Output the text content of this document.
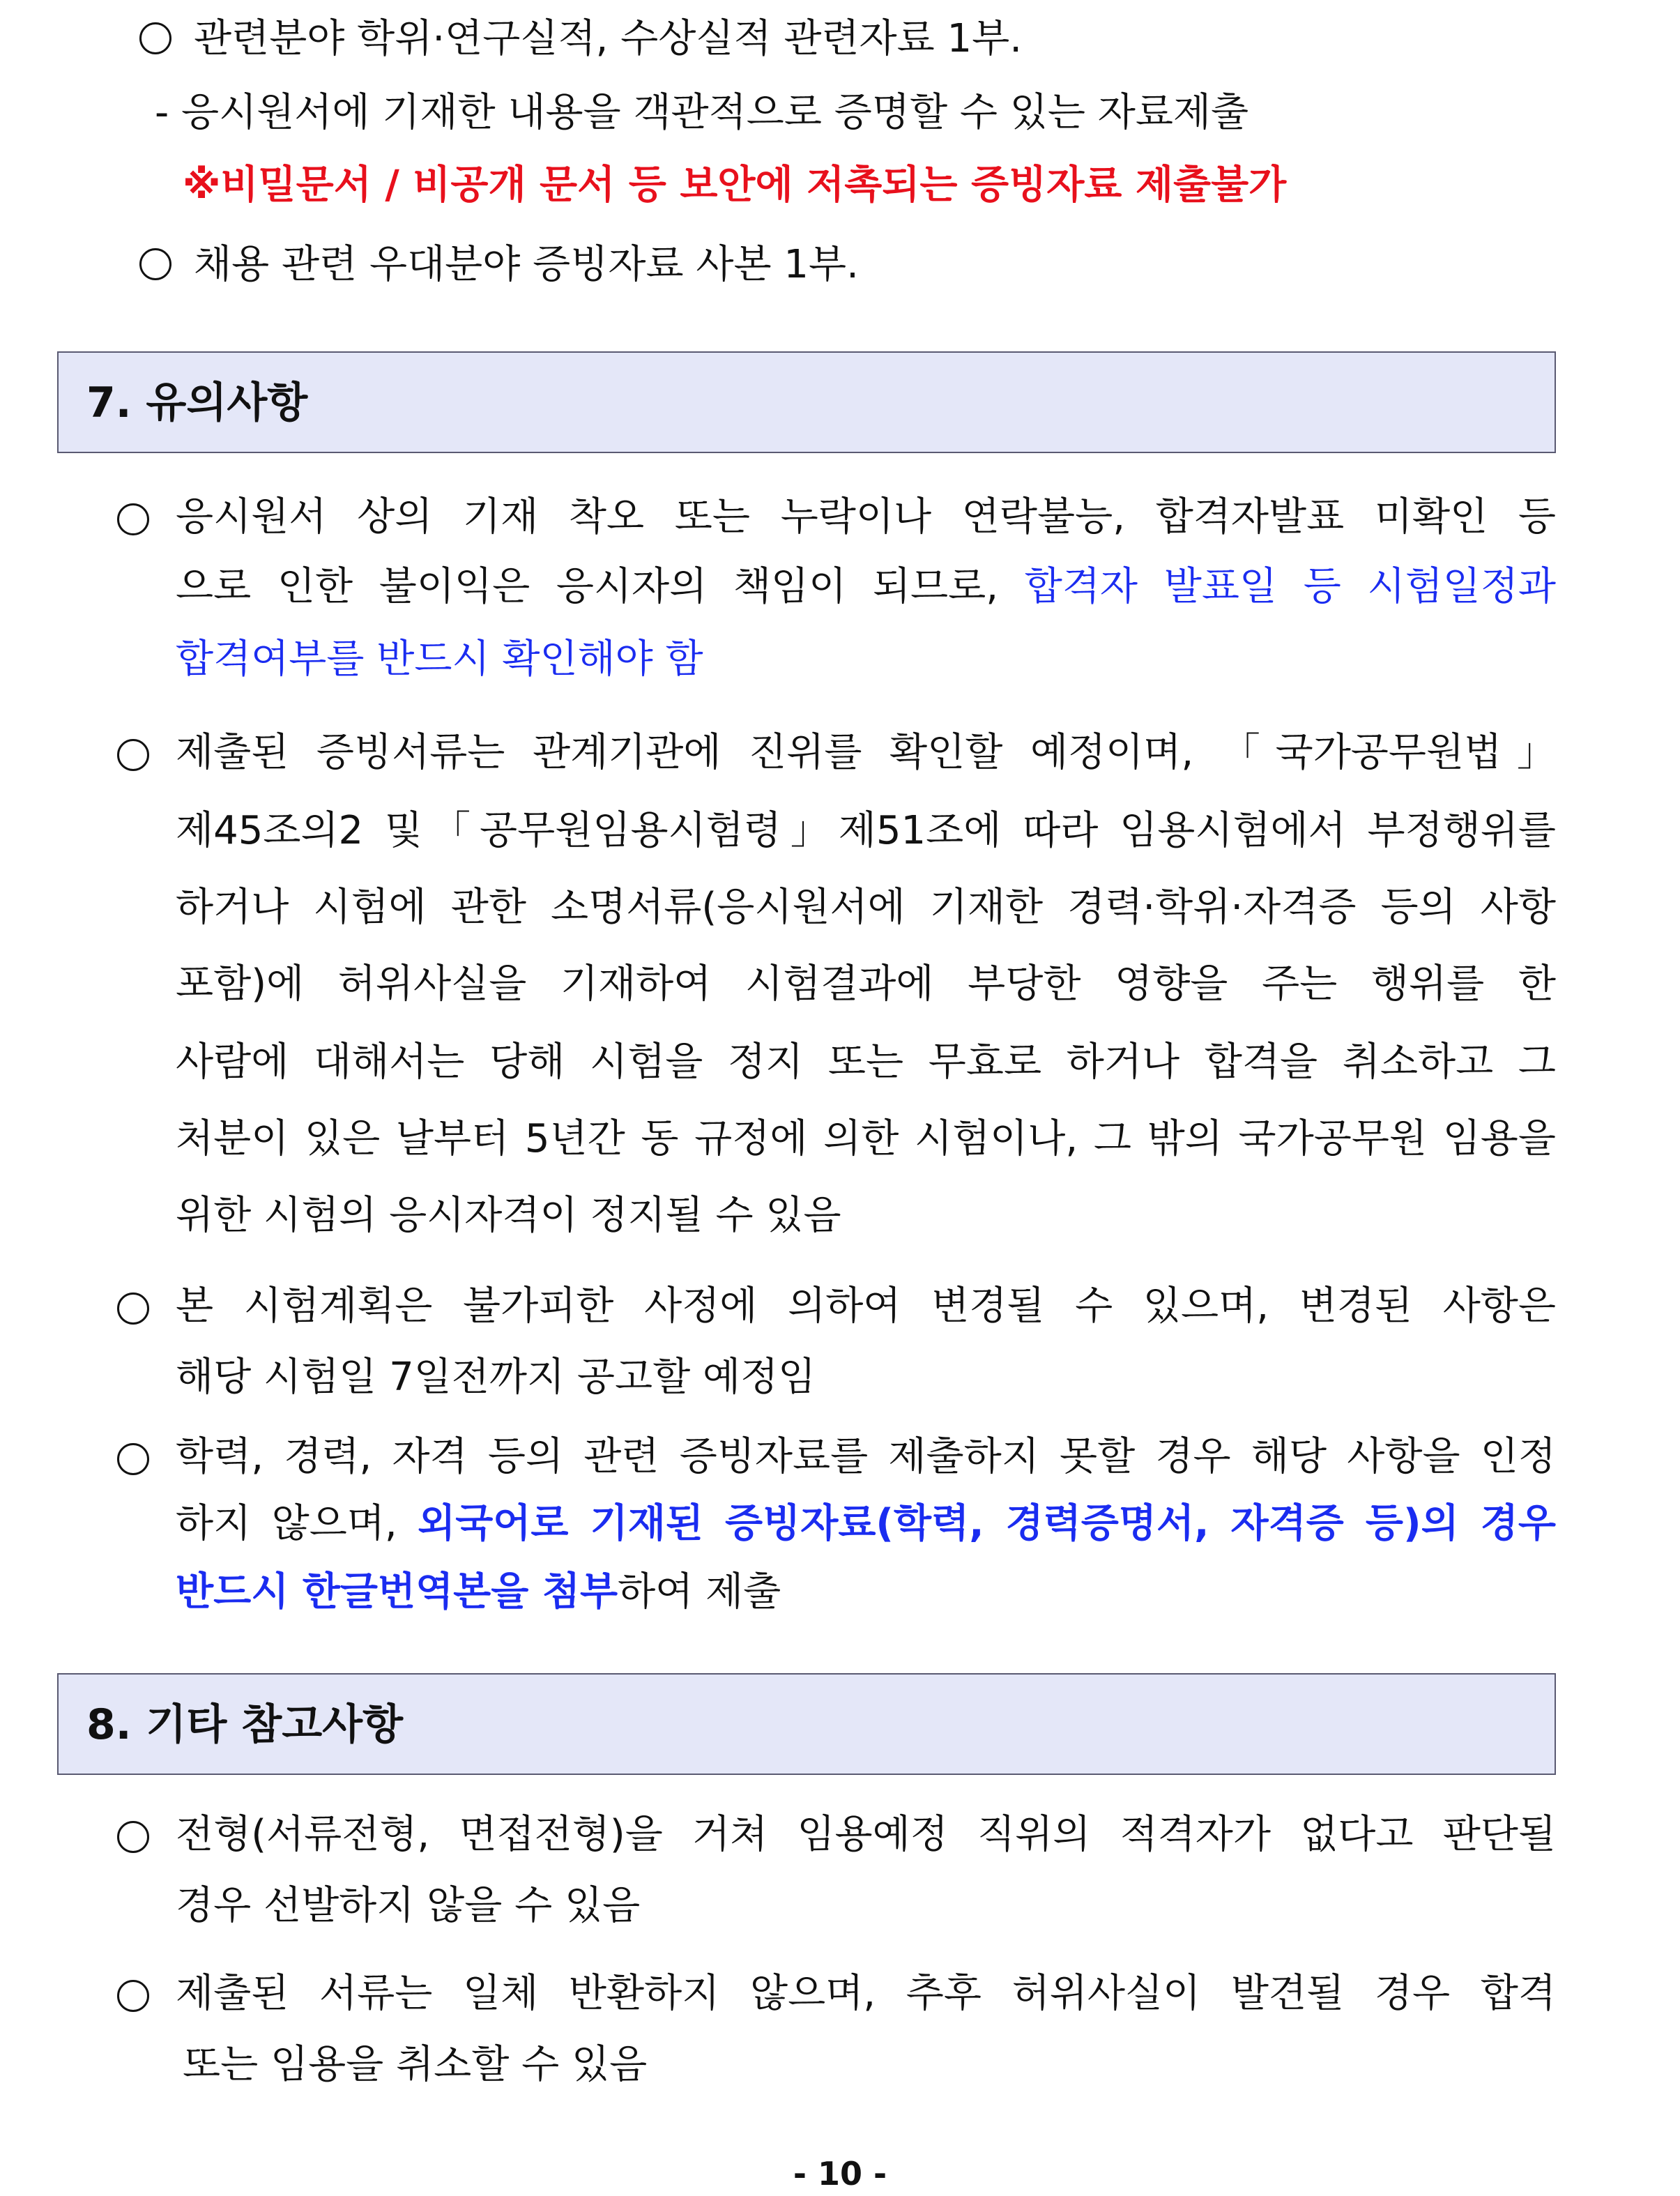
관련분야 학위·연구실적, 수상실적 관련자료 1부.
- 응시원서에 기재한 내용을 객관적으로 증명할 수 있는 자료제출
※비밀문서 / 비공개 문서 등 보안에 저촉되는 증빙자료 제출불가
채용 관련 우대분야 증빙자료 사본 1부.
7. 유의사항
응시원서 상의 기재 착오 또는 누락이나 연락불능, 합격자발표 미확인 등
으로 인한 불이익은 응시자의 책임이 되므로, 합격자 발표일 등 시험일정과
합격여부를 반드시 확인해야 함
제출된 증빙서류는 관계기관에 진위를 확인할 예정이며, 「국가공무원법」
제45조의2 및「공무원임용시험령」제51조에 따라 임용시험에서 부정행위를
하거나 시험에 관한 소명서류(응시원서에 기재한 경력·학위·자격증 등의 사항
포함)에 허위사실을 기재하여 시험결과에 부당한 영향을 주는 행위를 한
사람에 대해서는 당해 시험을 정지 또는 무효로 하거나 합격을 취소하고 그
처분이 있은 날부터 5년간 동 규정에 의한 시험이나, 그 밖의 국가공무원 임용을
위한 시험의 응시자격이 정지될 수 있음
본 시험계획은 불가피한 사정에 의하여 변경될 수 있으며, 변경된 사항은
해당 시험일 7일전까지 공고할 예정임
학력, 경력, 자격 등의 관련 증빙자료를 제출하지 못할 경우 해당 사항을 인정
하지 않으며, 외국어로 기재된 증빙자료(학력, 경력증명서, 자격증 등)의 경우
반드시 한글번역본을 첨부하여 제출
8. 기타 참고사항
전형(서류전형, 면접전형)을 거쳐 임용예정 직위의 적격자가 없다고 판단될
경우 선발하지 않을 수 있음
제출된 서류는 일체 반환하지 않으며, 추후 허위사실이 발견될 경우 합격
또는 임용을 취소할 수 있음
- 10 -
